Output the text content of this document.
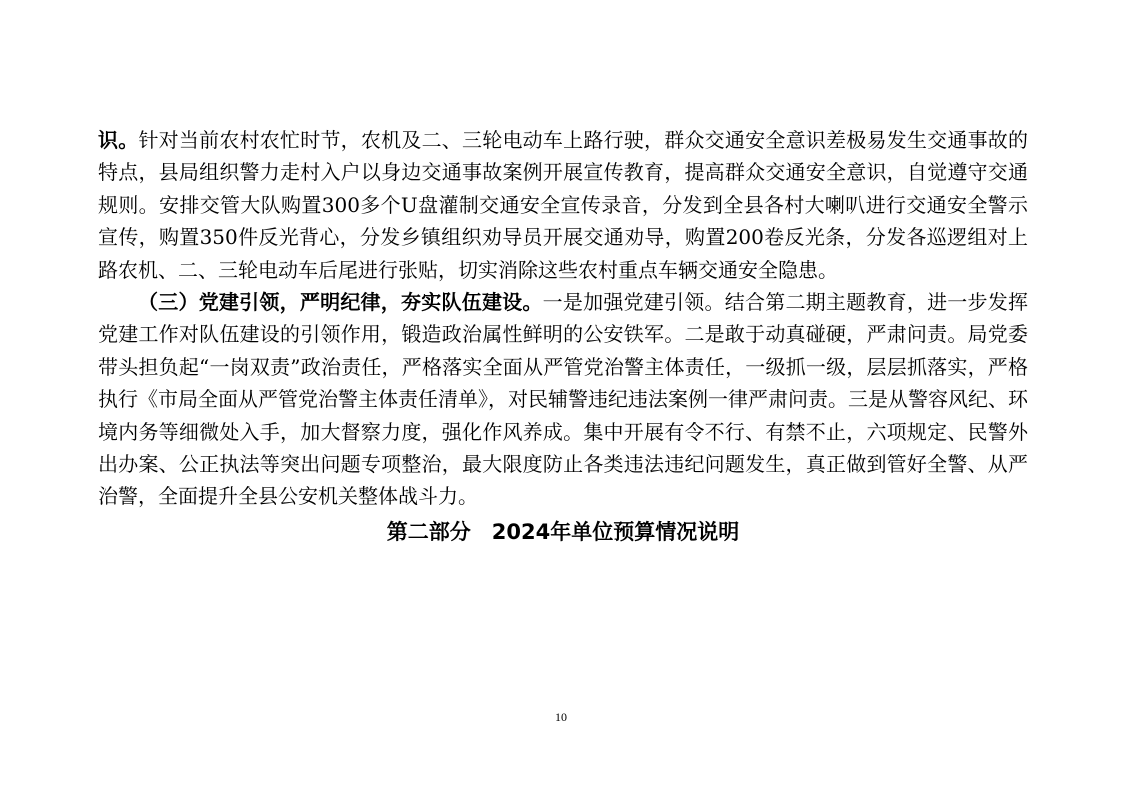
识。针对当前农村农忙时节，农机及二、三轮电动车上路行驶，群众交通安全意识差极易发生交通事故的特点，县局组织警力走村入户以身边交通事故案例开展宣传教育，提高群众交通安全意识，自觉遵守交通规则。安排交管大队购置300多个U盘灌制交通安全宣传录音，分发到全县各村大喇叭进行交通安全警示宣传，购置350件反光背心，分发乡镇组织劝导员开展交通劝导，购置200卷反光条，分发各巡逻组对上路农机、二、三轮电动车后尾进行张贴，切实消除这些农村重点车辆交通安全隐患。

（三）党建引领，严明纪律，夯实队伍建设。一是加强党建引领。结合第二期主题教育，进一步发挥党建工作对队伍建设的引领作用，锻造政治属性鲜明的公安铁军。二是敢于动真碰硬，严肃问责。局党委带头担负起“一岗双责”政治责任，严格落实全面从严管党治警主体责任，一级抓一级，层层抓落实，严格执行《市局全面从严管党治警主体责任清单》，对民辅警违纪违法案例一律严肃问责。三是从警容风纪、环境内务等细微处入手，加大督察力度，强化作风养成。集中开展有令不行、有禁不止，六项规定、民警外出办案、公正执法等突出问题专项整治，最大限度防止各类违法违纪问题发生，真正做到管好全警、从严治警，全面提升全县公安机关整体战斗力。

第二部分　2024年单位预算情况说明
10
